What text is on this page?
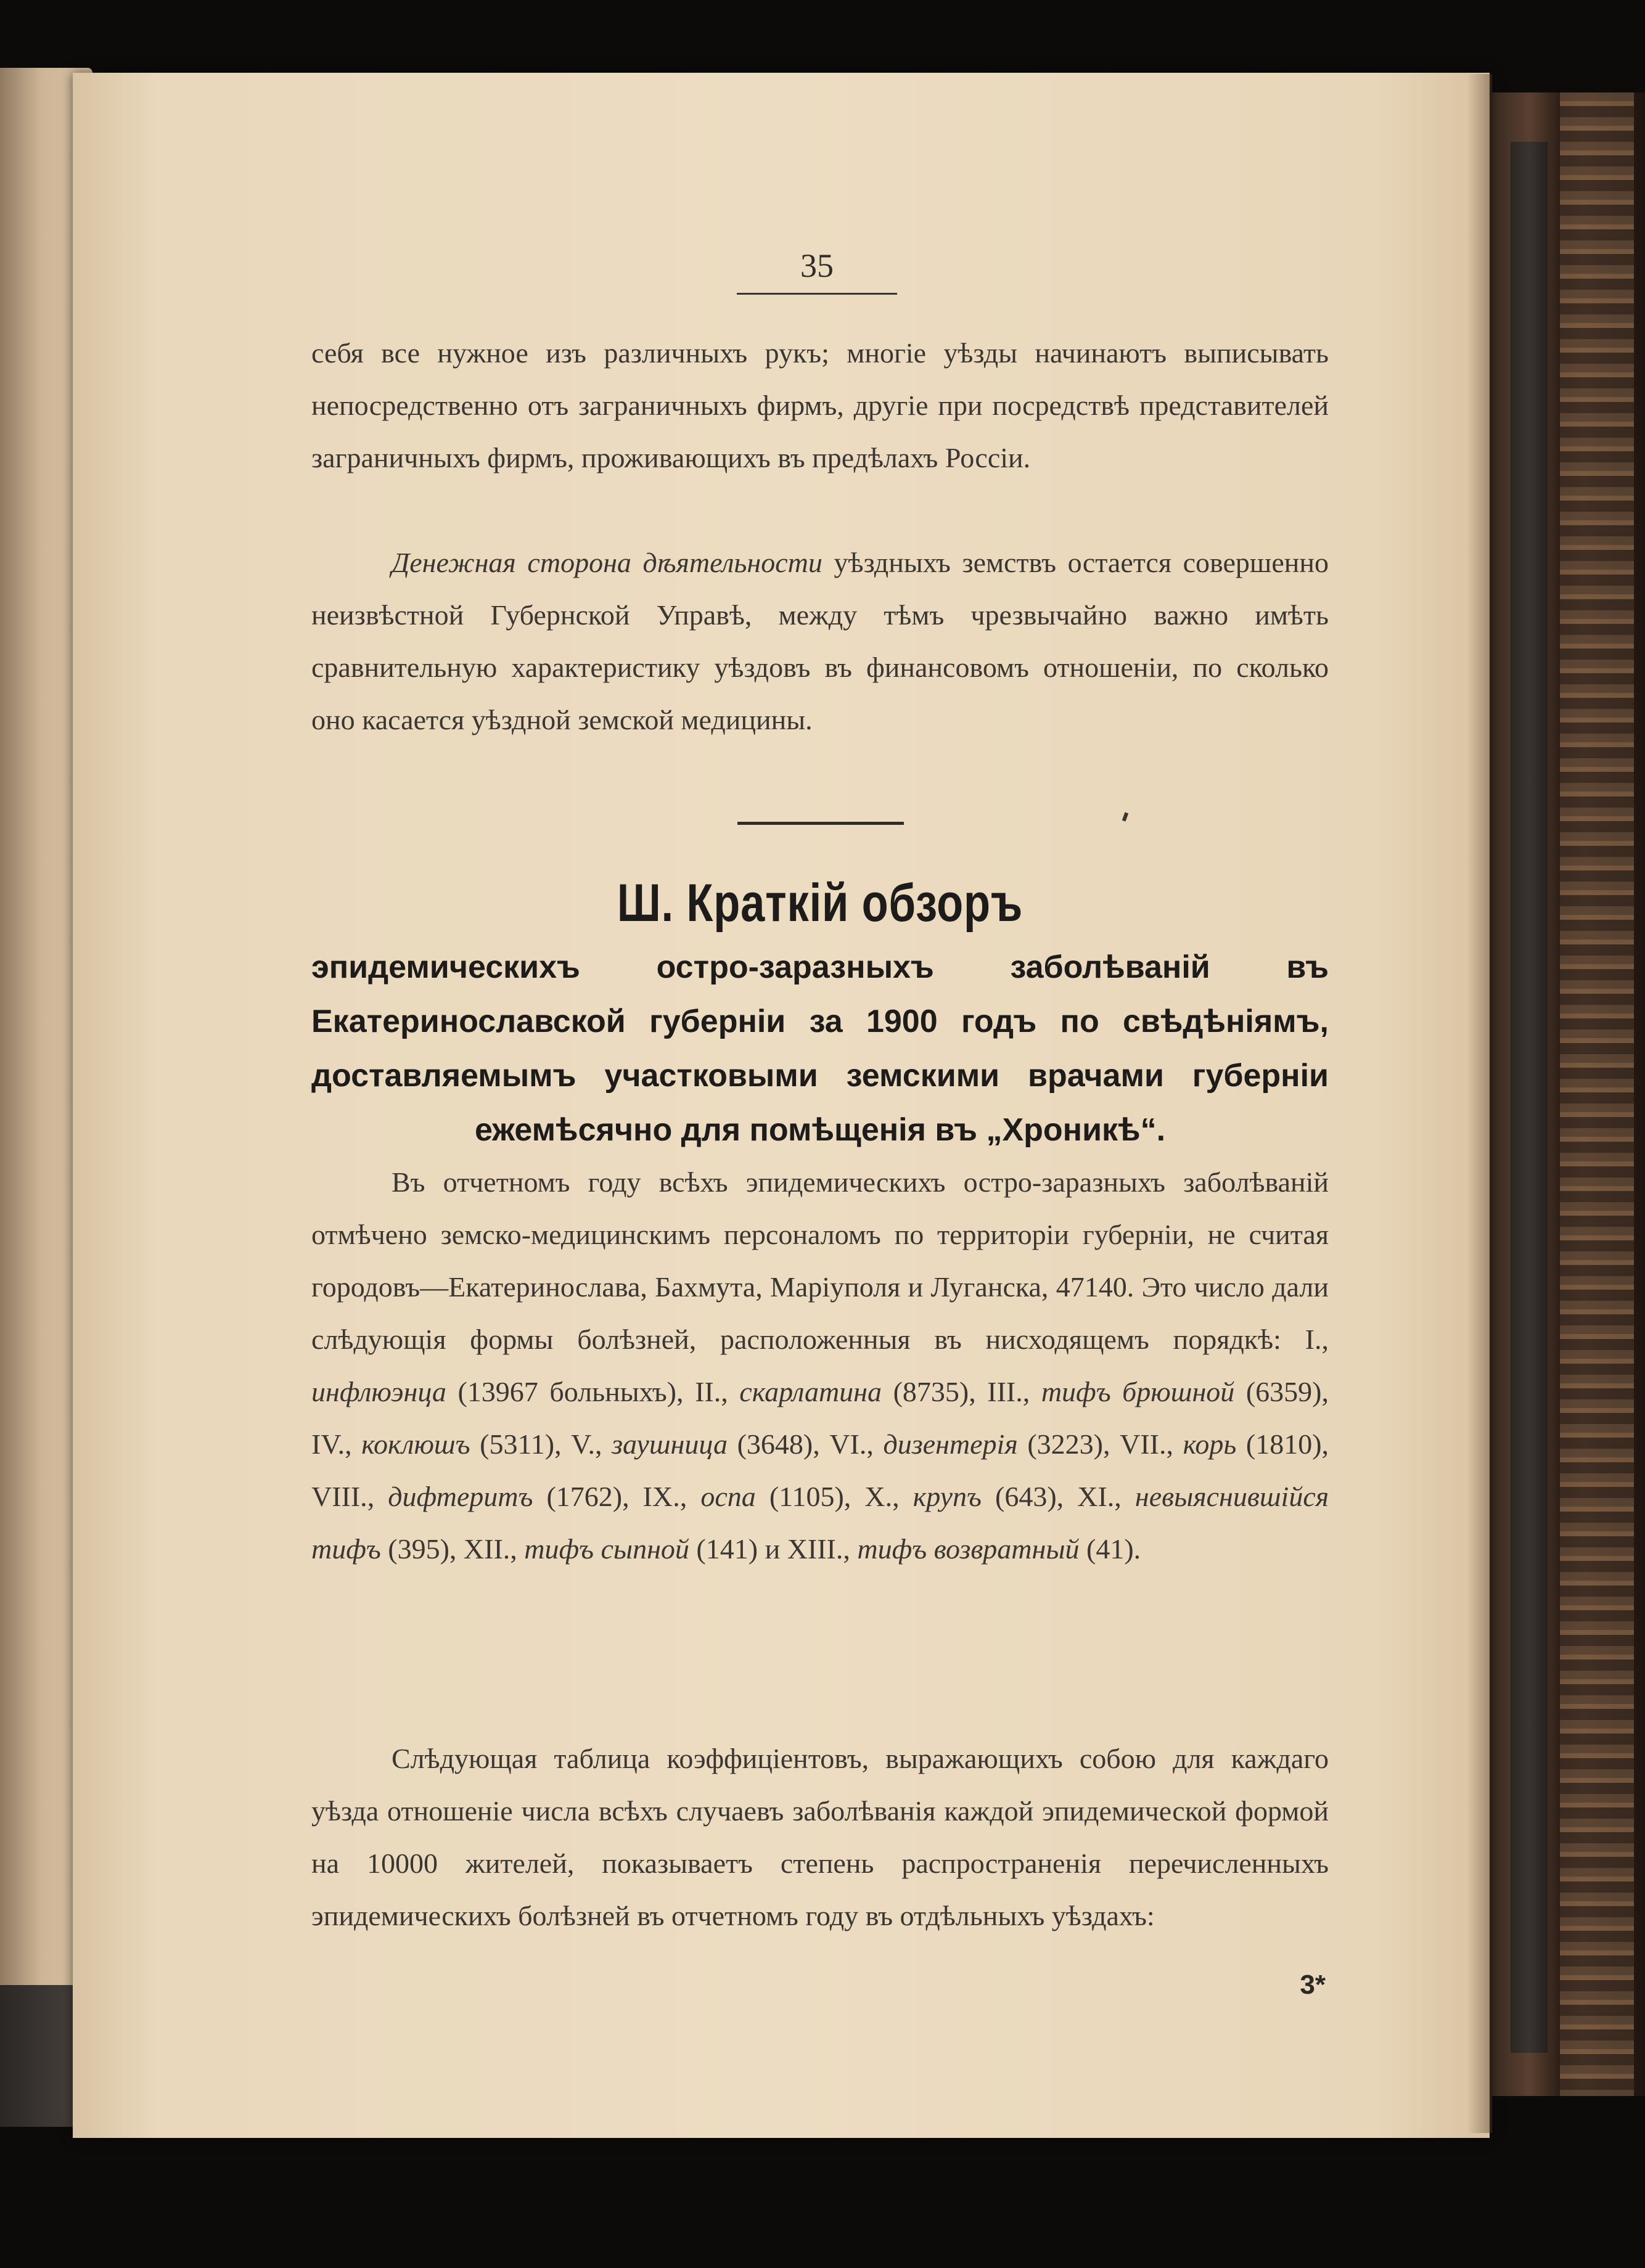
35

себя все нужное изъ различныхъ рукъ; многіе уѣзды начинаютъ выписывать непосредственно отъ заграничныхъ фирмъ, другіе при посредствѣ представителей заграничныхъ фирмъ, проживающихъ въ предѣлахъ Россіи.

Денежная сторона дѣятельности уѣздныхъ земствъ остается совершенно неизвѣстной Губернской Управѣ, между тѣмъ чрезвычайно важно имѣть сравнительную характеристику уѣздовъ въ финансовомъ отношеніи, по сколько оно касается уѣздной земской медицины.

Ш. Краткій обзоръ

эпидемическихъ остро-заразныхъ заболѣваній въ Екатеринославской губерніи за 1900 годъ по свѣдѣніямъ, доставляемымъ участковыми земскими врачами губерніи ежемѣсячно для помѣщенія въ „Хроникѣ“.

Въ отчетномъ году всѣхъ эпидемическихъ остро-заразныхъ заболѣваній отмѣчено земско-медицинскимъ персоналомъ по территоріи губерніи, не считая городовъ—Екатеринослава, Бахмута, Маріуполя и Луганска, 47140. Это число дали слѣдующія формы болѣзней, расположенныя въ нисходящемъ порядкѣ: I., инфлюэнца (13967 больныхъ), II., скарлатина (8735), III., тифъ брюшной (6359), IV., коклюшъ (5311), V., заушница (3648), VI., дизентерія (3223), VII., корь (1810), VIII., дифтеритъ (1762), IX., оспа (1105), X., крупъ (643), XI., невыяснившійся тифъ (395), XII., тифъ сыпной (141) и XIII., тифъ возвратный (41).

Слѣдующая таблица коэффиціентовъ, выражающихъ собою для каждаго уѣзда отношеніе числа всѣхъ случаевъ заболѣванія каждой эпидемической формой на 10000 жителей, показываетъ степень распространенія перечисленныхъ эпидемическихъ болѣзней въ отчетномъ году въ отдѣльныхъ уѣздахъ:

3*
